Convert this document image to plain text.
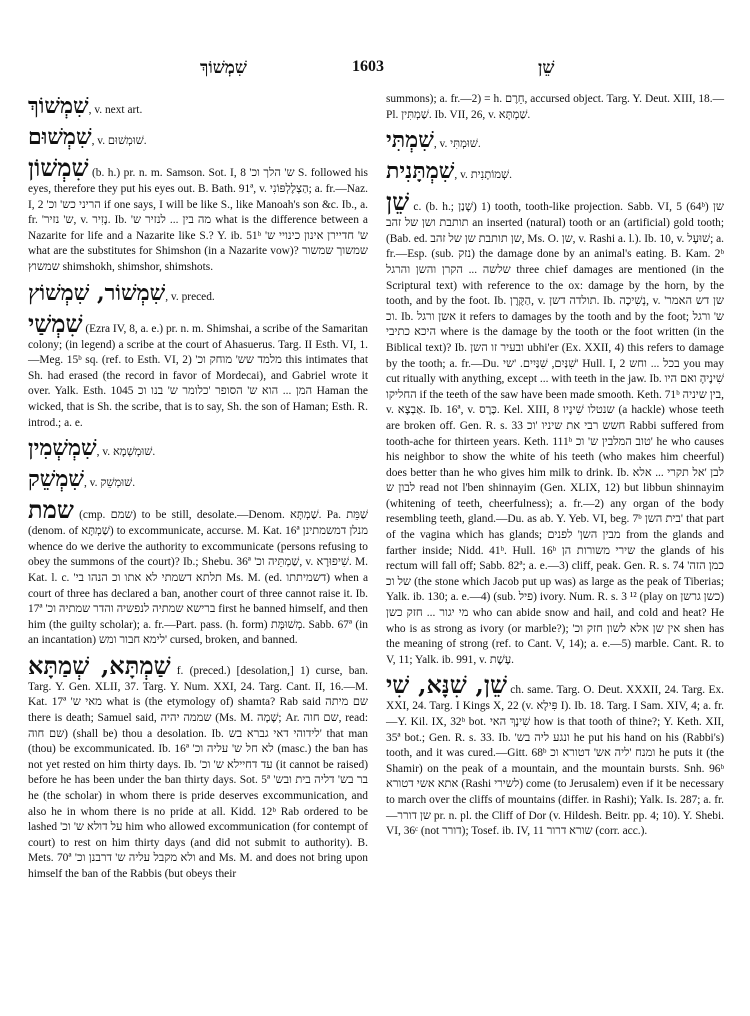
שִׁמְשׁוֹךְ	1603	שֵׁן

שִׁמְשׁוֹךְ, v. next art.

שִׁמְשׁוּם, v. שׁוּמְשׁוּם.

שִׁמְשׁוֹן (b. h.) pr. n. m. Samson. Sot. I, 8 'ש' הלך וכ S. followed his eyes, therefore they put his eyes out. B. Bath. 91ª, v. הַצְלֶלְפּוֹנִי; a. fr.—Naz. I, 2 'הריני כש' וכ if one says, I will be like S., like Manoah's son &c. Ib., a. fr. 'ש' נזיר, v. נָזִיר. Ib. 'מה בין ... לנזיר ש what is the difference between a Nazarite for life and a Nazarite like S.? Y. ib. 51ᵇ 'ש' חדיירן אינון כינויי ש what are the substitutes for Shimshon (in a Nazarite vow)? שמשוך שמשור שמשוץ shimshokh, shimshor, shimshots.

שִׁמְשׁוֹר, שִׁמְשׁוֹץ, v. preced.

שִׁמְשַׁי (Ezra IV, 8, a. e.) pr. n. m. Shimshai, a scribe of the Samaritan colony; (in legend) a scribe at the court of Ahasuerus. Targ. II Esth. VI, 1.—Meg. 15ᵇ sq. (ref. to Esth. VI, 2) 'מלמד שש' מוחק וכ this intimates that Sh. had erased (the record in favor of Mordecai), and Gabriel wrote it over. Yalk. Esth. 1045 המן ... הוא ש' הסופר 'כלומר ש' בנו וכ Haman the wicked, that is Sh. the scribe, that is to say, Sh. the son of Haman; Esth. R. introd.; a. e.

שִׁמְשְׁמִין, v. שׁוּמְשְׁמָא.

שִׁמְשֵׁק, v. שׁוּמְשֵׁק.

שמת (cmp. שמם) to be still, desolate.—Denom. שַׁמְתָּא. Pa. שַׁמֵּת (denom. of שַׁמְתָּא) to excommunicate, accurse. M. Kat. 16ª מנלן דמשמתינן whence do we derive the authority to excommunicate (persons refusing to obey the summons of the court)? Ib.; Shebu. 36ª 'שַׁמְתֵּיה וכ, v. שִׁיפוּרָא. M. Kat. l. c. 'תלתא דשמתי לא אתו וכ הנהו בי Ms. M. (ed. דשמיתתו) when a court of three has declared a ban, another court of three cannot raise it. Ib. 17ª 'ברישא שמתיה לנפשיה והדר שמתיה וכ first he banned himself, and then him (the guilty scholar); a. fr.—Part. pass. (h. form) מְשׁוּמָּת. Sabb. 67ª (in an incantation) לימא חבור ומש' cursed, broken, and banned.

שַׁמְתָּא, שְׁמַתָּא f. (preced.) [desolation,] 1) curse, ban. Targ. Y. Gen. XLII, 37. Targ. Y. Num. XXI, 24. Targ. Cant. II, 16.—M. Kat. 17ª 'מאי ש what is (the etymology of) shamta? Rab said שם מיתה there is death; Samuel said, שממה יהיה (Ms. M. שָׁמָה; Ar. שם חוה, read: שם חוה) (shall be) thou a desolation. Ib. לידוהי דאי גברא בש' that man (thou) be excommunicated. Ib. 16ª 'לא חל ש' עליה וכ (masc.) the ban has not yet rested on him thirty days. Ib. 'עד דחיילא ש' וכ (it cannot be raised) before he has been under the ban thirty days. Sot. 5ª 'בר בש' דליה בית ובש he (the scholar) in whom there is pride deserves excommunication, and also he in whom there is no pride at all. Kidd. 12ᵇ Rab ordered to be lashed 'על דולא ש' וכ him who allowed excommunication (for contempt of court) to rest on him thirty days (and did not submit to authority). B. Mets. 70ª 'ולא מקבל עליה ש' דרבנן וכ and Ms. M. and does not bring upon himself the ban of the Rabbis (but obeys their

summons); a. fr.—2) = h. חֵרֶם, accursed object. Targ. Y. Deut. XIII, 18.—Pl. שַׁמְתִּין. Ib. VII, 26, v. שַׁמְתָּא.

שִׁמְתִּי, v. שׁוּמְתִּי.

שִׁמְתָּנִית, v. שְׁמוֹתָנִית.

שֵׁן c. (b. h.; שָׁנַן) 1) tooth, tooth-like projection. Sabb. VI, 5 (64ᵇ) שן תותבת ושן של זהב an inserted (natural) tooth or an (artificial) gold tooth; (Bab. ed. שן תותבת שן של זהב, Ms. O. שן, v. Rashi a. l.). Ib. 10, v. שׁוּעָל; a. fr.—Esp. (sub. נזק) the damage done by an animal's eating. B. Kam. 2ᵇ שלשה ... הקרן והשן והרגל three chief damages are mentioned (in the Scriptural text) with reference to the ox: damage by the horn, by the tooth, and by the foot. Ib. הַקֶּרֶן, v. תולדה דשן. Ib. נְשִׁיכָה, v. 'שן דש האמר וכ. Ib. אשן ורגל it refers to damages by the tooth and by the foot; ש' ורגל היכא כתיבי where is the damage by the tooth or the foot written (in the Biblical text)? Ib. ובעיר זו השן ubhi'er (Ex. XXII, 4) this refers to damage by the tooth; a. fr.—Du. שִׁנַּיִם, שִׁנַּיִים. 'שי' Hull. I, 2 בכל ... וחש you may cut ritually with anything, except ... with teeth in the jaw. Ib. שִׁינֶיהָ ואם היו החליקו if the teeth of the saw have been made smooth. Keth. 71ᵇ בין שיניה, v. אַבְצָא. Ib. 16ª, v. כֶּרֶס. Kel. XIII, 8 שנטלו שִׁינָיו (a hackle) whose teeth are broken off. Gen. R. s. 33 חשש רבי את שיניו 'וכ Rabbi suffered from tooth-ache for thirteen years. Keth. 111ᵇ טוב המלבין ש' וכ' he who causes his neighbor to show the white of his teeth (who makes him cheerful) does better than he who gives him milk to drink. Ib. לבן 'אל תקרי ... אלא לבון ש read not l'ben shinnayim (Gen. XLIX, 12) but libbun shinnayim (whitening of teeth, cheerfulness); a. fr.—2) any organ of the body resembling teeth, gland.—Du. as ab. Y. Yeb. VI, beg. 7ᵇ בית השן' that part of the vagina which has glands; מבין השן' לפנים from the glands and farther inside; Nidd. 41ᵇ. Hull. 16ᵇ שירי משורות הן the glands of his rectum will fall off; Sabb. 82ª; a. e.—3) cliff, peak. Gen. R. s. 74 'כמן הזה של וכ (the stone which Jacob put up was) as large as the peak of Tiberias; Yalk. ib. 130; a. e.—4) (sub. פיל) ivory. Num. R. s. 3 ¹² (play on כשן גרשן) מי יגור ... חזק כשן who can abide snow and hail, and cold and heat? He who is as strong as ivory (or marble?); 'אין שן אלא לשון חזק וכ shen has the meaning of strong (ref. to Cant. V, 14); a. e.—5) marble. Cant. R. to V, 11; Yalk. ib. 991, v. עֶשֶׁת.

שֵׁן, שִׁנָּא, שִׁי ch. same. Targ. O. Deut. XXXII, 24. Targ. Ex. XXI, 24. Targ. I Kings X, 22 (v. פִּילָא I). Ib. 18. Targ. I Sam. XIV, 4; a. fr.—Y. Kil. IX, 32ᵇ bot. שִׁינָךְ האי how is that tooth of thine?; Y. Keth. XII, 35ª bot.; Gen. R. s. 33. Ib. 'ונגע ליה בש he put his hand on his (Rabbi's) tooth, and it was cured.—Gitt. 68ᵇ ומנח 'ליה אש' דטורא וכ he puts it (the Shamir) on the peak of a mountain, and the mountain bursts. Snh. 96ᵇ אתא אשי דטורא (Rashi לשירי) come (to Jerusalem) even if it be necessary to march over the cliffs of mountains (differ. in Rashi); Yalk. Is. 287; a. fr.—שן דורר pr. n. pl. the Cliff of Dor (v. Hildesh. Beitr. pp. 4; 10). Y. Shebi. VI, 36ᶜ (not דורר); Tosef. ib. IV, 11 שורא דרור (corr. acc.).
